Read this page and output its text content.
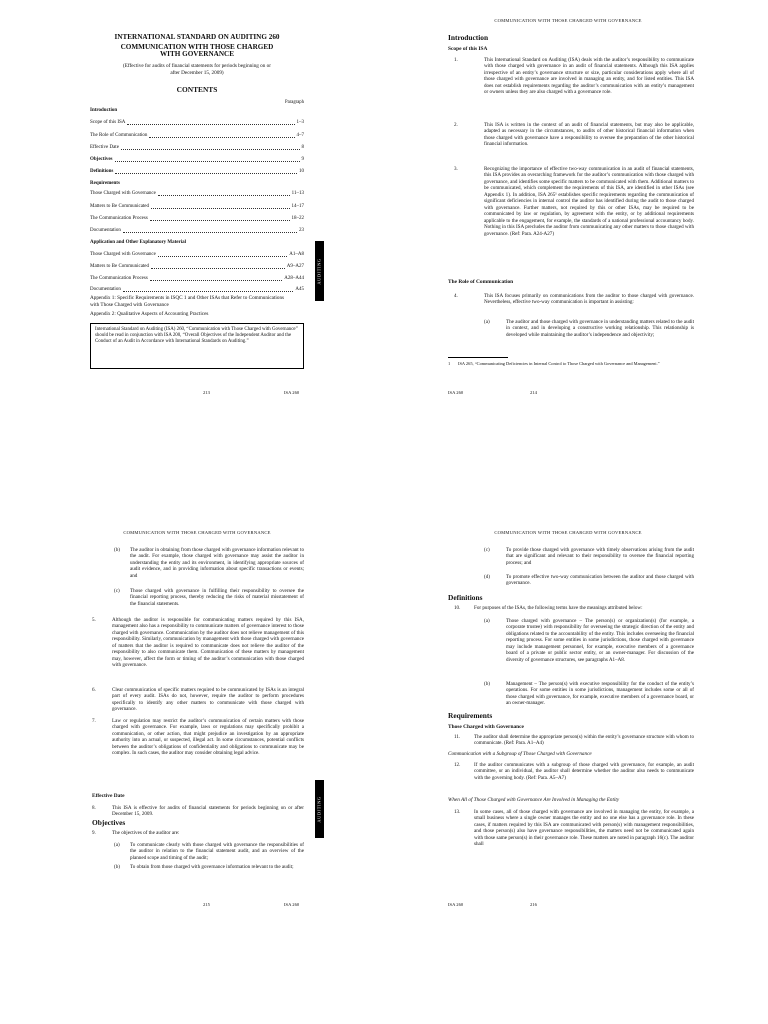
INTERNATIONAL STANDARD ON AUDITING 260
COMMUNICATION WITH THOSE CHARGED
WITH GOVERNANCE
(Effective for audits of financial statements for periods beginning on or after December 15, 2009)
CONTENTS
Paragraph
Introduction
Scope of this ISA	1–3
The Role of Communication	4–7
Effective Date	8
Objectives	9
Definitions	10
Requirements
Those Charged with Governance	11–13
Matters to Be Communicated	14–17
The Communication Process	18–22
Documentation	23
Application and Other Explanatory Material
Those Charged with Governance	A1–A8
Matters to Be Communicated	A9–A27
The Communication Process	A28–A44
Documentation	A45
Appendix 1: Specific Requirements in ISQC 1 and Other ISAs that Refer to Communications with Those Charged with Governance
Appendix 2: Qualitative Aspects of Accounting Practices
International Standard on Auditing (ISA) 260, “Communication with Those Charged with Governance” should be read in conjunction with ISA 200, “Overall Objectives of the Independent Auditor and the Conduct of an Audit in Accordance with International Standards on Auditing.”
213	ISA 260
AUDITING
COMMUNICATION WITH THOSE CHARGED WITH GOVERNANCE
Introduction
Scope of this ISA
1.	This International Standard on Auditing (ISA) deals with the auditor’s responsibility to communicate with those charged with governance in an audit of financial statements. Although this ISA applies irrespective of an entity’s governance structure or size, particular considerations apply where all of those charged with governance are involved in managing an entity, and for listed entities. This ISA does not establish requirements regarding the auditor’s communication with an entity’s management or owners unless they are also charged with a governance role.
2.	This ISA is written in the context of an audit of financial statements, but may also be applicable, adapted as necessary in the circumstances, to audits of other historical financial information when those charged with governance have a responsibility to oversee the preparation of the other historical financial information.
3.	Recognizing the importance of effective two-way communication in an audit of financial statements, this ISA provides an overarching framework for the auditor’s communication with those charged with governance, and identifies some specific matters to be communicated with them. Additional matters to be communicated, which complement the requirements of this ISA, are identified in other ISAs (see Appendix 1). In addition, ISA 265¹ establishes specific requirements regarding the communication of significant deficiencies in internal control the auditor has identified during the audit to those charged with governance. Further matters, not required by this or other ISAs, may be required to be communicated by law or regulation, by agreement with the entity, or by additional requirements applicable to the engagement, for example, the standards of a national professional accountancy body. Nothing in this ISA precludes the auditor from communicating any other matters to those charged with governance. (Ref: Para. A24-A27)
The Role of Communication
4.	This ISA focuses primarily on communications from the auditor to those charged with governance. Nevertheless, effective two-way communication is important in assisting:
(a)	The auditor and those charged with governance in understanding matters related to the audit in context, and in developing a constructive working relationship. This relationship is developed while maintaining the auditor’s independence and objectivity;
1 ISA 265, “Communicating Deficiencies in Internal Control to Those Charged with Governance and Management.”
ISA 260	214
COMMUNICATION WITH THOSE CHARGED WITH GOVERNANCE
(b) The auditor in obtaining from those charged with governance information relevant to the audit. For example, those charged with governance may assist the auditor in understanding the entity and its environment, in identifying appropriate sources of audit evidence, and in providing information about specific transactions or events; and
(c) Those charged with governance in fulfilling their responsibility to oversee the financial reporting process, thereby reducing the risks of material misstatement of the financial statements.
5.	Although the auditor is responsible for communicating matters required by this ISA, management also has a responsibility to communicate matters of governance interest to those charged with governance. Communication by the auditor does not relieve management of this responsibility. Similarly, communication by management with those charged with governance of matters that the auditor is required to communicate does not relieve the auditor of the responsibility to also communicate them. Communication of these matters by management may, however, affect the form or timing of the auditor’s communication with those charged with governance.
6.	Clear communication of specific matters required to be communicated by ISAs is an integral part of every audit. ISAs do not, however, require the auditor to perform procedures specifically to identify any other matters to communicate with those charged with governance.
7.	Law or regulation may restrict the auditor’s communication of certain matters with those charged with governance. For example, laws or regulations may specifically prohibit a communication, or other action, that might prejudice an investigation by an appropriate authority into an actual, or suspected, illegal act. In some circumstances, potential conflicts between the auditor’s obligations of confidentiality and obligations to communicate may be complex. In such cases, the auditor may consider obtaining legal advice.
Effective Date
8.	This ISA is effective for audits of financial statements for periods beginning on or after December 15, 2009.
Objectives
9.	The objectives of the auditor are:
(a) To communicate clearly with those charged with governance the responsibilities of the auditor in relation to the financial statement audit, and an overview of the planned scope and timing of the audit;
(b) To obtain from those charged with governance information relevant to the audit;
215	ISA 260
AUDITING
COMMUNICATION WITH THOSE CHARGED WITH GOVERNANCE
(c)	To provide those charged with governance with timely observations arising from the audit that are significant and relevant to their responsibility to oversee the financial reporting process; and
(d)	To promote effective two-way communication between the auditor and those charged with governance.
Definitions
10.	For purposes of the ISAs, the following terms have the meanings attributed below:
(a)	Those charged with governance – The person(s) or organization(s) (for example, a corporate trustee) with responsibility for overseeing the strategic direction of the entity and obligations related to the accountability of the entity. This includes overseeing the financial reporting process. For some entities in some jurisdictions, those charged with governance may include management personnel, for example, executive members of a governance board of a private or public sector entity, or an owner-manager. For discussion of the diversity of governance structures, see paragraphs A1–A8.
(b)	Management – The person(s) with executive responsibility for the conduct of the entity’s operations. For some entities in some jurisdictions, management includes some or all of those charged with governance, for example, executive members of a governance board, or an owner-manager.
Requirements
Those Charged with Governance
11.	The auditor shall determine the appropriate person(s) within the entity’s governance structure with whom to communicate. (Ref: Para. A1–A4)
Communication with a Subgroup of Those Charged with Governance
12.	If the auditor communicates with a subgroup of those charged with governance, for example, an audit committee, or an individual, the auditor shall determine whether the auditor also needs to communicate with the governing body. (Ref: Para. A5–A7)
When All of Those Charged with Governance Are Involved in Managing the Entity
13.	In some cases, all of those charged with governance are involved in managing the entity, for example, a small business where a single owner manages the entity and no one else has a governance role. In these cases, if matters required by this ISA are communicated with person(s) with management responsibilities, and those person(s) also have governance responsibilities, the matters need not be communicated again with those same person(s) in their governance role. These matters are noted in paragraph 16(c). The auditor shall
ISA 260	216
